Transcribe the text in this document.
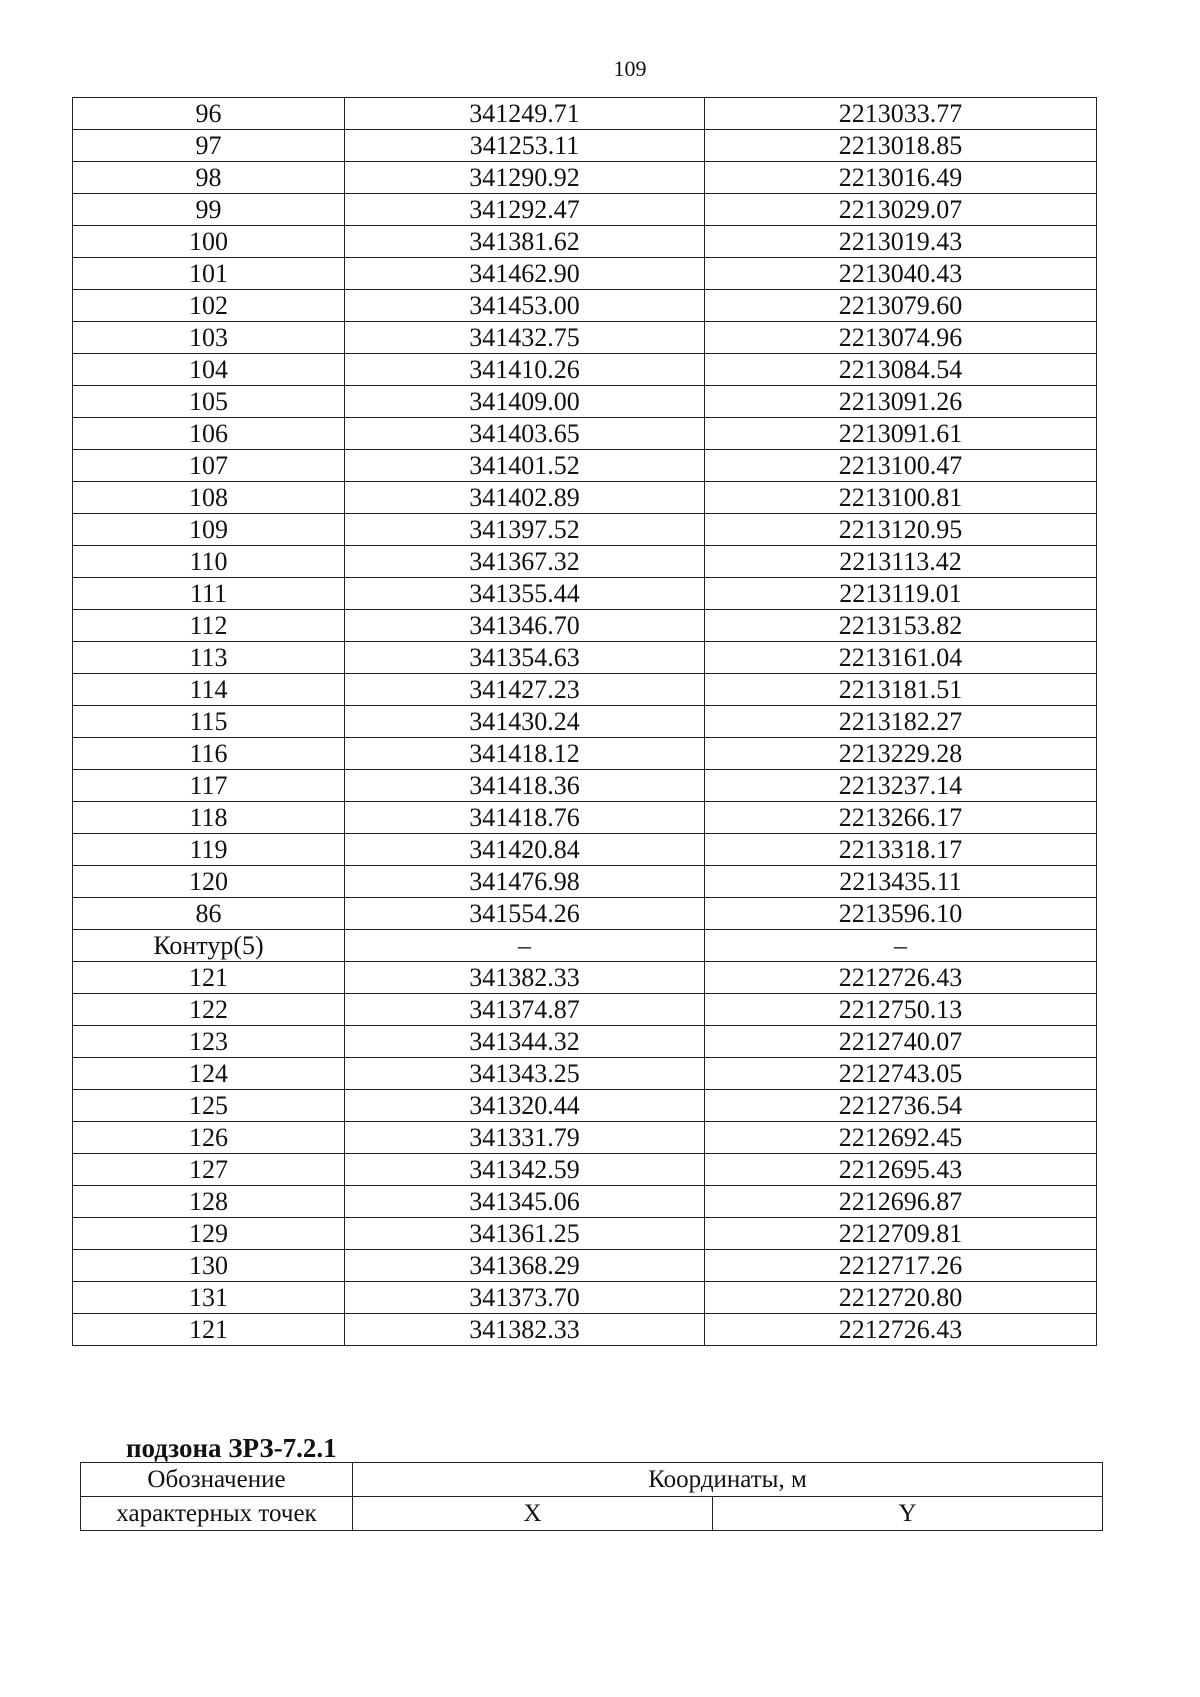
109
96	341249.71	2213033.77
97	341253.11	2213018.85
98	341290.92	2213016.49
99	341292.47	2213029.07
100	341381.62	2213019.43
101	341462.90	2213040.43
102	341453.00	2213079.60
103	341432.75	2213074.96
104	341410.26	2213084.54
105	341409.00	2213091.26
106	341403.65	2213091.61
107	341401.52	2213100.47
108	341402.89	2213100.81
109	341397.52	2213120.95
110	341367.32	2213113.42
111	341355.44	2213119.01
112	341346.70	2213153.82
113	341354.63	2213161.04
114	341427.23	2213181.51
115	341430.24	2213182.27
116	341418.12	2213229.28
117	341418.36	2213237.14
118	341418.76	2213266.17
119	341420.84	2213318.17
120	341476.98	2213435.11
86	341554.26	2213596.10
Контур(5)	–	–
121	341382.33	2212726.43
122	341374.87	2212750.13
123	341344.32	2212740.07
124	341343.25	2212743.05
125	341320.44	2212736.54
126	341331.79	2212692.45
127	341342.59	2212695.43
128	341345.06	2212696.87
129	341361.25	2212709.81
130	341368.29	2212717.26
131	341373.70	2212720.80
121	341382.33	2212726.43
подзона ЗРЗ-7.2.1
Обозначение	Координаты, м	
характерных точек	X	Y
